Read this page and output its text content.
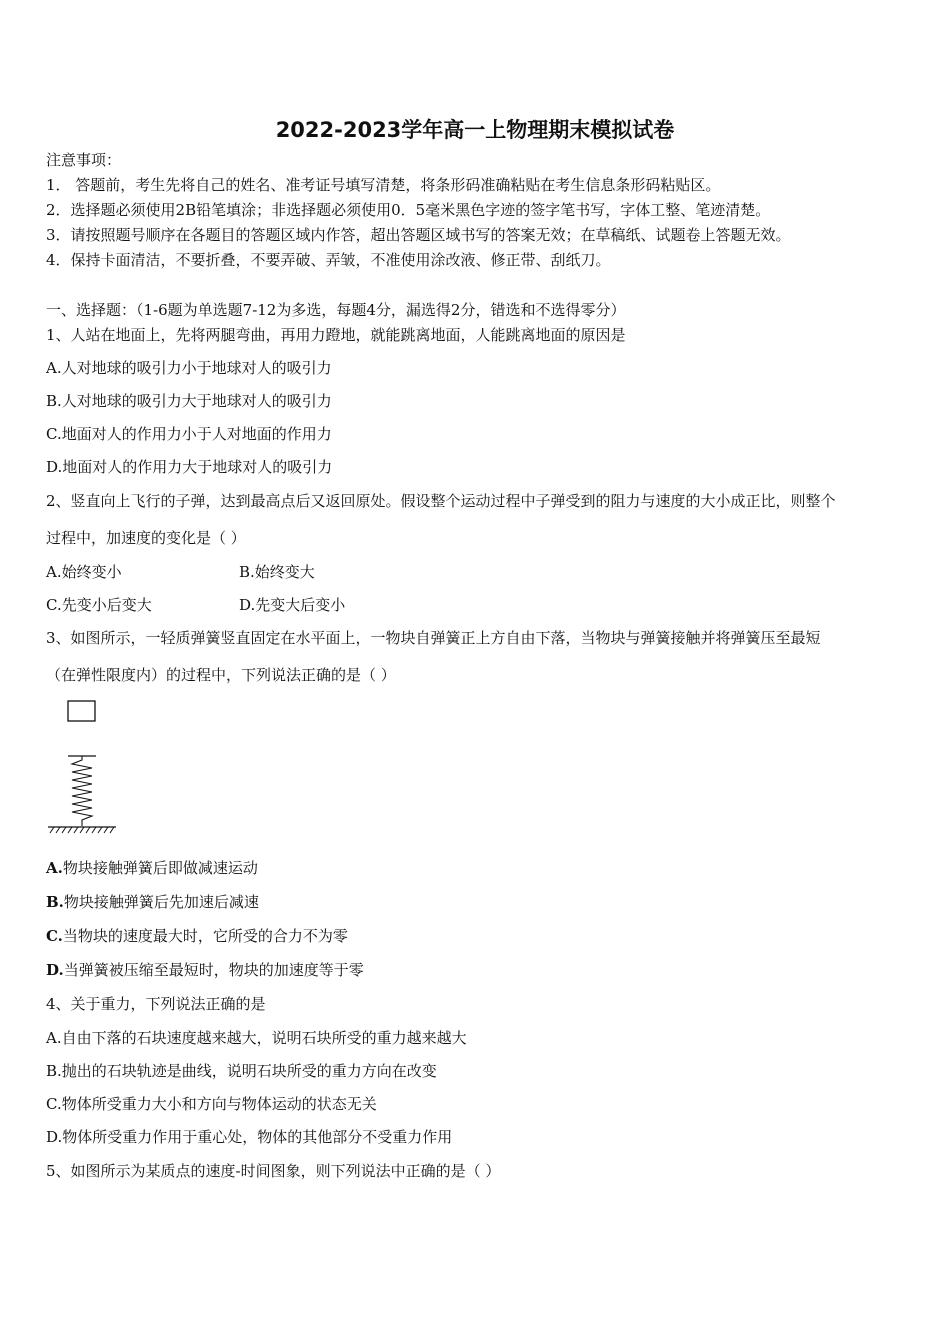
2022-2023学年高一上物理期末模拟试卷
注意事项：
1． 答题前，考生先将自己的姓名、准考证号填写清楚，将条形码准确粘贴在考生信息条形码粘贴区。
2．选择题必须使用2B铅笔填涂；非选择题必须使用0．5毫米黑色字迹的签字笔书写，字体工整、笔迹清楚。
3．请按照题号顺序在各题目的答题区域内作答，超出答题区域书写的答案无效；在草稿纸、试题卷上答题无效。
4．保持卡面清洁，不要折叠，不要弄破、弄皱，不准使用涂改液、修正带、刮纸刀。
一、选择题：（1-6题为单选题7-12为多选，每题4分，漏选得2分，错选和不选得零分）
1、人站在地面上，先将两腿弯曲，再用力蹬地，就能跳离地面，人能跳离地面的原因是
A.人对地球的吸引力小于地球对人的吸引力
B.人对地球的吸引力大于地球对人的吸引力
C.地面对人的作用力小于人对地面的作用力
D.地面对人的作用力大于地球对人的吸引力
2、竖直向上飞行的子弹，达到最高点后又返回原处。假设整个运动过程中子弹受到的阻力与速度的大小成正比，则整个
过程中，加速度的变化是（ ）
A.始终变小	B.始终变大
C.先变小后变大	D.先变大后变小
3、如图所示，一轻质弹簧竖直固定在水平面上，一物块自弹簧正上方自由下落，当物块与弹簧接触并将弹簧压至最短
（在弹性限度内）的过程中，下列说法正确的是（ ）
A.物块接触弹簧后即做减速运动
B.物块接触弹簧后先加速后减速
C.当物块的速度最大时，它所受的合力不为零
D.当弹簧被压缩至最短时，物块的加速度等于零
4、关于重力，下列说法正确的是
A.自由下落的石块速度越来越大，说明石块所受的重力越来越大
B.抛出的石块轨迹是曲线，说明石块所受的重力方向在改变
C.物体所受重力大小和方向与物体运动的状态无关
D.物体所受重力作用于重心处，物体的其他部分不受重力作用
5、如图所示为某质点的速度-时间图象，则下列说法中正确的是（ ）
